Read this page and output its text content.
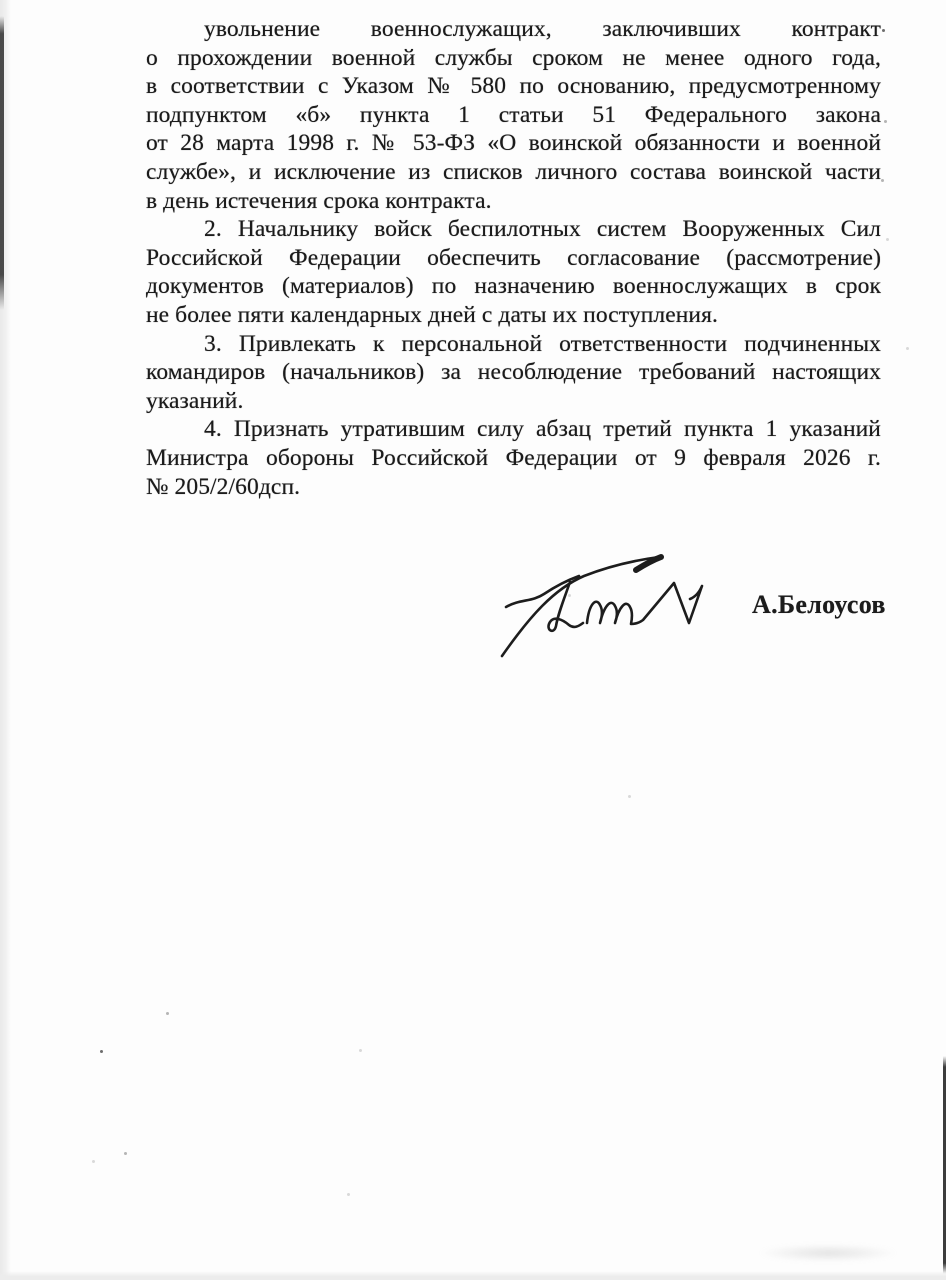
увольнение военнослужащих, заключивших контракт
о прохождении военной службы сроком не менее одного года,
в соответствии с Указом № 580 по основанию, предусмотренному
подпунктом «б» пункта 1 статьи 51 Федерального закона
от 28 марта 1998 г. № 53-ФЗ «О воинской обязанности и военной
службе», и исключение из списков личного состава воинской части
в день истечения срока контракта.
2. Начальнику войск беспилотных систем Вооруженных Сил
Российской Федерации обеспечить согласование (рассмотрение)
документов (материалов) по назначению военнослужащих в срок
не более пяти календарных дней с даты их поступления.
3. Привлекать к персональной ответственности подчиненных
командиров (начальников) за несоблюдение требований настоящих
указаний.
4. Признать утратившим силу абзац третий пункта 1 указаний
Министра обороны Российской Федерации от 9 февраля 2026 г.
№ 205/2/60дсп.
А.Белоусов
